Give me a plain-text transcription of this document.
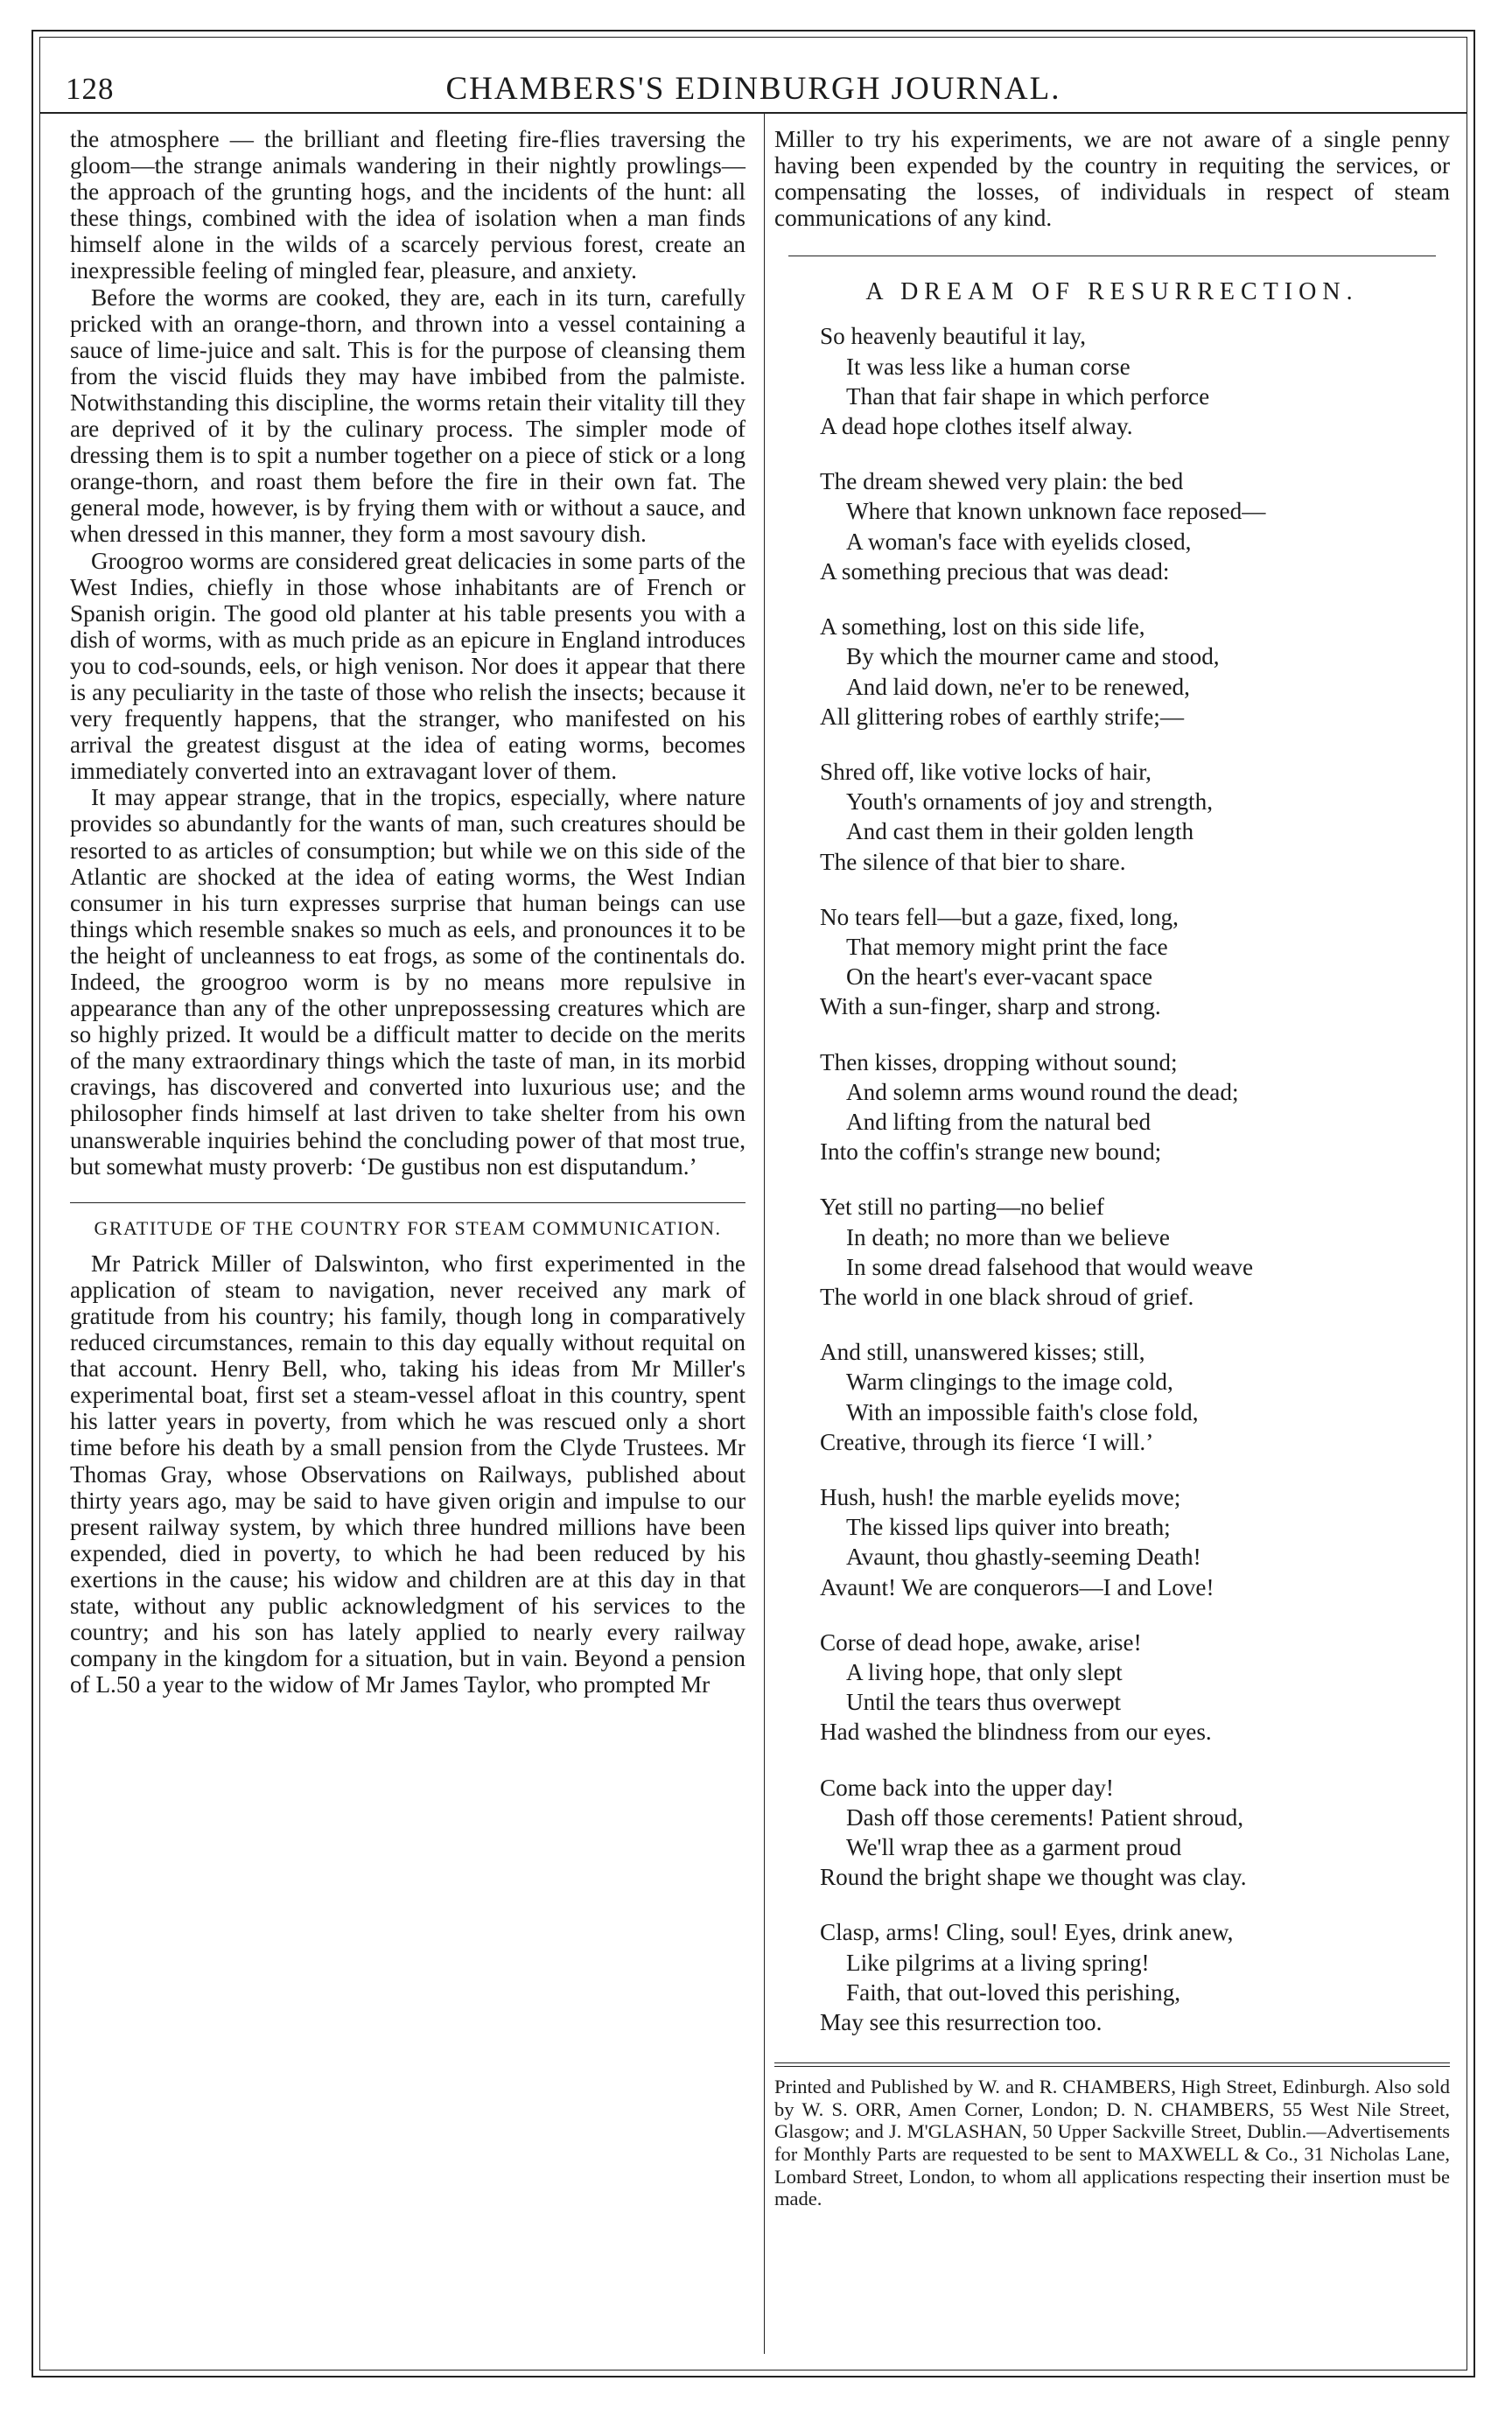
128	CHAMBERS'S EDINBURGH JOURNAL.

the atmosphere — the brilliant and fleeting fire-flies traversing the gloom—the strange animals wandering in their nightly prowlings—the approach of the grunting hogs, and the incidents of the hunt: all these things, combined with the idea of isolation when a man finds himself alone in the wilds of a scarcely pervious forest, create an inexpressible feeling of mingled fear, pleasure, and anxiety.

Before the worms are cooked, they are, each in its turn, carefully pricked with an orange-thorn, and thrown into a vessel containing a sauce of lime-juice and salt. This is for the purpose of cleansing them from the viscid fluids they may have imbibed from the palmiste. Notwithstanding this discipline, the worms retain their vitality till they are deprived of it by the culinary process. The simpler mode of dressing them is to spit a number together on a piece of stick or a long orange-thorn, and roast them before the fire in their own fat. The general mode, however, is by frying them with or without a sauce, and when dressed in this manner, they form a most savoury dish.

Groogroo worms are considered great delicacies in some parts of the West Indies, chiefly in those whose inhabitants are of French or Spanish origin. The good old planter at his table presents you with a dish of worms, with as much pride as an epicure in England introduces you to cod-sounds, eels, or high venison. Nor does it appear that there is any peculiarity in the taste of those who relish the insects; because it very frequently happens, that the stranger, who manifested on his arrival the greatest disgust at the idea of eating worms, becomes immediately converted into an extravagant lover of them.

It may appear strange, that in the tropics, especially, where nature provides so abundantly for the wants of man, such creatures should be resorted to as articles of consumption; but while we on this side of the Atlantic are shocked at the idea of eating worms, the West Indian consumer in his turn expresses surprise that human beings can use things which resemble snakes so much as eels, and pronounces it to be the height of uncleanness to eat frogs, as some of the continentals do. Indeed, the groogroo worm is by no means more repulsive in appearance than any of the other unprepossessing creatures which are so highly prized. It would be a difficult matter to decide on the merits of the many extraordinary things which the taste of man, in its morbid cravings, has discovered and converted into luxurious use; and the philosopher finds himself at last driven to take shelter from his own unanswerable inquiries behind the concluding power of that most true, but somewhat musty proverb: ‘De gustibus non est disputandum.’

GRATITUDE OF THE COUNTRY FOR STEAM COMMUNICATION.

Mr Patrick Miller of Dalswinton, who first experimented in the application of steam to navigation, never received any mark of gratitude from his country; his family, though long in comparatively reduced circumstances, remain to this day equally without requital on that account. Henry Bell, who, taking his ideas from Mr Miller's experimental boat, first set a steam-vessel afloat in this country, spent his latter years in poverty, from which he was rescued only a short time before his death by a small pension from the Clyde Trustees. Mr Thomas Gray, whose Observations on Railways, published about thirty years ago, may be said to have given origin and impulse to our present railway system, by which three hundred millions have been expended, died in poverty, to which he had been reduced by his exertions in the cause; his widow and children are at this day in that state, without any public acknowledgment of his services to the country; and his son has lately applied to nearly every railway company in the kingdom for a situation, but in vain. Beyond a pension of L.50 a year to the widow of Mr James Taylor, who prompted Mr

Miller to try his experiments, we are not aware of a single penny having been expended by the country in requiting the services, or compensating the losses, of individuals in respect of steam communications of any kind.

A DREAM OF RESURRECTION.
So heavenly beautiful it lay,
It was less like a human corse
Than that fair shape in which perforce
A dead hope clothes itself alway.
The dream shewed very plain: the bed
Where that known unknown face reposed—
A woman's face with eyelids closed,
A something precious that was dead:
A something, lost on this side life,
By which the mourner came and stood,
And laid down, ne'er to be renewed,
All glittering robes of earthly strife;—
Shred off, like votive locks of hair,
Youth's ornaments of joy and strength,
And cast them in their golden length
The silence of that bier to share.
No tears fell—but a gaze, fixed, long,
That memory might print the face
On the heart's ever-vacant space
With a sun-finger, sharp and strong.
Then kisses, dropping without sound;
And solemn arms wound round the dead;
And lifting from the natural bed
Into the coffin's strange new bound;
Yet still no parting—no belief
In death; no more than we believe
In some dread falsehood that would weave
The world in one black shroud of grief.
And still, unanswered kisses; still,
Warm clingings to the image cold,
With an impossible faith's close fold,
Creative, through its fierce ‘I will.’
Hush, hush! the marble eyelids move;
The kissed lips quiver into breath;
Avaunt, thou ghastly-seeming Death!
Avaunt! We are conquerors—I and Love!
Corse of dead hope, awake, arise!
A living hope, that only slept
Until the tears thus overwept
Had washed the blindness from our eyes.
Come back into the upper day!
Dash off those cerements! Patient shroud,
We'll wrap thee as a garment proud
Round the bright shape we thought was clay.
Clasp, arms! Cling, soul! Eyes, drink anew,
Like pilgrims at a living spring!
Faith, that out-loved this perishing,
May see this resurrection too.
Printed and Published by W. and R. CHAMBERS, High Street, Edinburgh. Also sold by W. S. ORR, Amen Corner, London; D. N. CHAMBERS, 55 West Nile Street, Glasgow; and J. M'GLASHAN, 50 Upper Sackville Street, Dublin.—Advertisements for Monthly Parts are requested to be sent to MAXWELL & Co., 31 Nicholas Lane, Lombard Street, London, to whom all applications respecting their insertion must be made.
